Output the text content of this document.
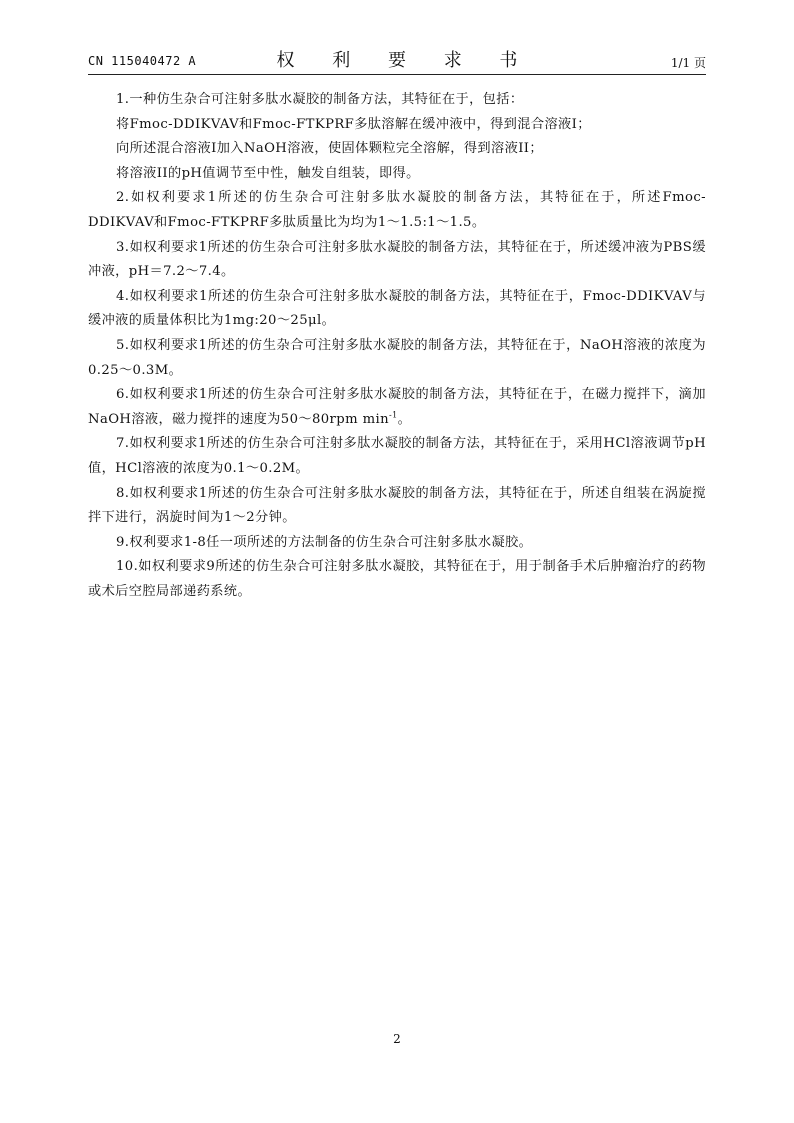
CN 115040472 A	权 利 要 求 书	1/1 页

1.一种仿生杂合可注射多肽水凝胶的制备方法，其特征在于，包括：

将Fmoc-DDIKVAV和Fmoc-FTKPRF多肽溶解在缓冲液中，得到混合溶液I；

向所述混合溶液I加入NaOH溶液，使固体颗粒完全溶解，得到溶液II；

将溶液II的pH值调节至中性，触发自组装，即得。

2.如权利要求1所述的仿生杂合可注射多肽水凝胶的制备方法，其特征在于，所述Fmoc-DDIKVAV和Fmoc-FTKPRF多肽质量比为均为1～1.5:1～1.5。

3.如权利要求1所述的仿生杂合可注射多肽水凝胶的制备方法，其特征在于，所述缓冲液为PBS缓冲液，pH＝7.2～7.4。

4.如权利要求1所述的仿生杂合可注射多肽水凝胶的制备方法，其特征在于，Fmoc-DDIKVAV与缓冲液的质量体积比为1mg:20～25μl。

5.如权利要求1所述的仿生杂合可注射多肽水凝胶的制备方法，其特征在于，NaOH溶液的浓度为0.25～0.3M。

6.如权利要求1所述的仿生杂合可注射多肽水凝胶的制备方法，其特征在于，在磁力搅拌下，滴加NaOH溶液，磁力搅拌的速度为50～80rpm $\min^{-1}$。

7.如权利要求1所述的仿生杂合可注射多肽水凝胶的制备方法，其特征在于，采用HCl溶液调节pH值，HCl溶液的浓度为0.1～0.2M。

8.如权利要求1所述的仿生杂合可注射多肽水凝胶的制备方法，其特征在于，所述自组装在涡旋搅拌下进行，涡旋时间为1～2分钟。

9.权利要求1-8任一项所述的方法制备的仿生杂合可注射多肽水凝胶。

10.如权利要求9所述的仿生杂合可注射多肽水凝胶，其特征在于，用于制备手术后肿瘤治疗的药物或术后空腔局部递药系统。

2
